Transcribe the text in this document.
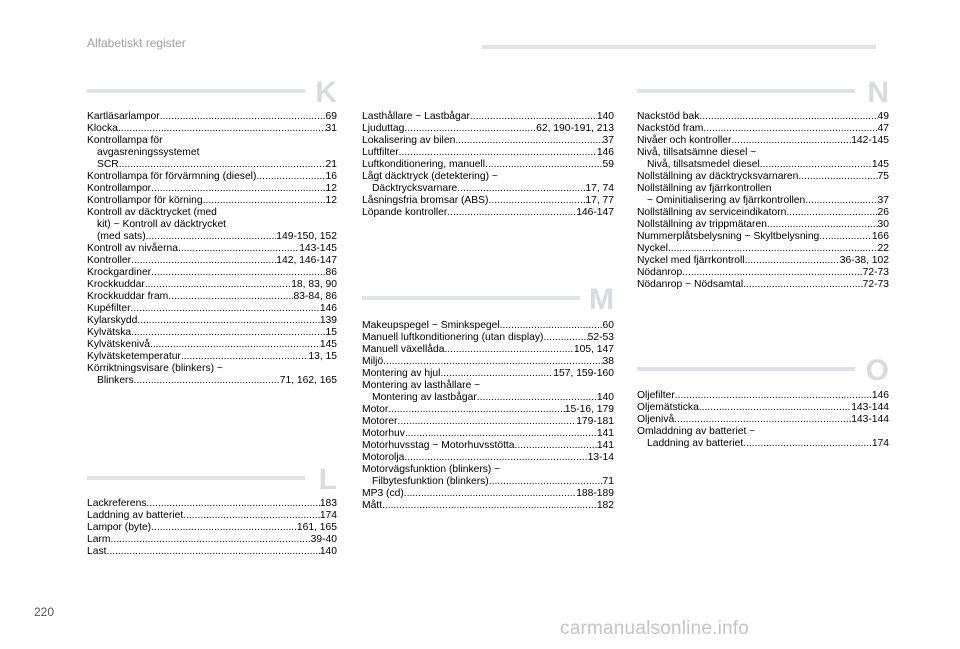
Alfabetiskt register
K
Kartläsarlampor .....	69
Klocka .....	31
Kontrollampa för
avgasreningssystemet
SCR .....	21
Kontrollampa för förvärmning (diesel) .....	16
Kontrollampor .....	12
Kontrollampor för körning .....	12
Kontroll av däcktrycket (med
kit) ~ Kontroll av däcktrycket
(med sats) .....	149-150, 152
Kontroll av nivåerna .....	143-145
Kontroller .....	142, 146-147
Krockgardiner .....	86
Krockkuddar .....	18, 83, 90
Krockkuddar fram .....	83-84, 86
Kupéfilter .....	146
Kylarskydd .....	139
Kylvätska .....	15
Kylvätskenivå .....	145
Kylvätsketemperatur .....	13, 15
Körriktningsvisare (blinkers) ~
Blinkers .....	71, 162, 165
L
Lackreferens .....	183
Laddning av batteriet .....	174
Lampor (byte) .....	161, 165
Larm .....	39-40
Last .....	140
Lasthållare ~ Lastbågar .....	140
Ljuduttag .....	62, 190-191, 213
Lokalisering av bilen .....	37
Luftfilter .....	146
Luftkonditionering, manuell .....	59
Lågt däcktryck (detektering) ~
Däcktrycksvarnare .....	17, 74
Låsningsfria bromsar (ABS) .....	17, 77
Löpande kontroller .....	146-147
M
Makeupspegel ~ Sminkspegel .....	60
Manuell luftkonditionering (utan display) .....	52-53
Manuell växellåda .....	105, 147
Miljö .....	38
Montering av hjul .....	157, 159-160
Montering av lasthållare ~
Montering av lastbågar .....	140
Motor .....	15-16, 179
Motorer .....	179-181
Motorhuv .....	141
Motorhuvsstag ~ Motorhuvsstötta .....	141
Motorolja .....	13-14
Motorvägsfunktion (blinkers) ~
Filbytesfunktion (blinkers) .....	71
MP3 (cd) .....	188-189
Mått .....	182
N
Nackstöd bak .....	49
Nackstöd fram .....	47
Nivåer och kontroller .....	142-145
Nivå, tillsatsämne diesel ~
Nivå, tillsatsmedel diesel .....	145
Nollställning av däcktrycksvarnaren .....	75
Nollställning av fjärrkontrollen
~ Ominitialisering av fjärrkontrollen .....	37
Nollställning av serviceindikatorn .....	26
Nollställning av trippmätaren .....	30
Nummerplåtsbelysning ~ Skyltbelysning .....	166
Nyckel .....	22
Nyckel med fjärrkontroll .....	36-38, 102
Nödanrop .....	72-73
Nödanrop ~ Nödsamtal .....	72-73
O
Oljefilter .....	146
Oljemätsticka .....	143-144
Oljenivå .....	143-144
Omladdning av batteriet ~
Laddning av batteriet .....	174
220
carmanualsonline.info
